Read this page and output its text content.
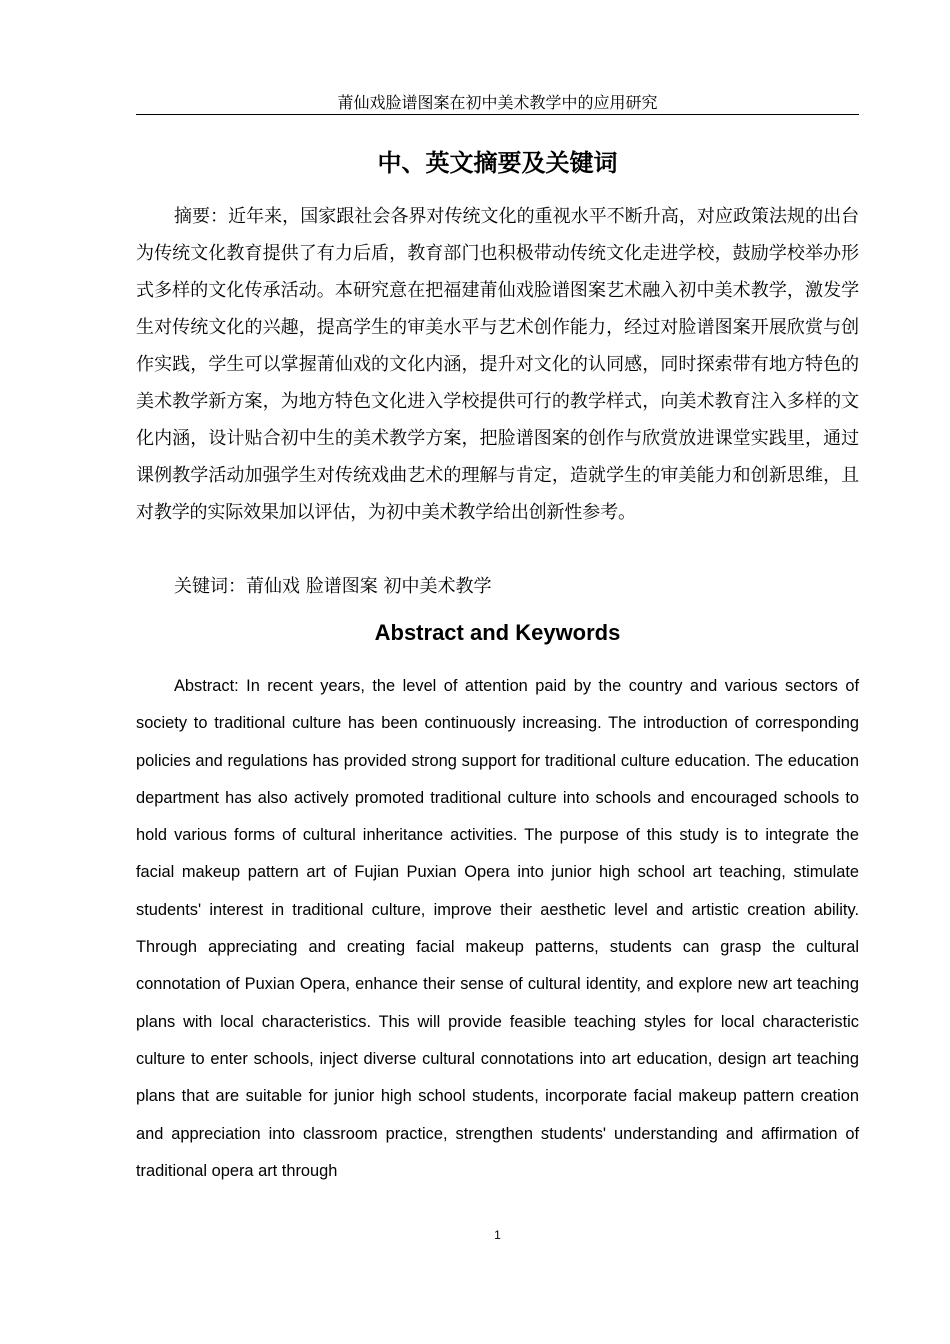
莆仙戏脸谱图案在初中美术教学中的应用研究
中、英文摘要及关键词

摘要：近年来，国家跟社会各界对传统文化的重视水平不断升高，对应政策法规的出台为传统文化教育提供了有力后盾，教育部门也积极带动传统文化走进学校，鼓励学校举办形式多样的文化传承活动。本研究意在把福建莆仙戏脸谱图案艺术融入初中美术教学，激发学生对传统文化的兴趣，提高学生的审美水平与艺术创作能力，经过对脸谱图案开展欣赏与创作实践，学生可以掌握莆仙戏的文化内涵，提升对文化的认同感，同时探索带有地方特色的美术教学新方案，为地方特色文化进入学校提供可行的教学样式，向美术教育注入多样的文化内涵，设计贴合初中生的美术教学方案，把脸谱图案的创作与欣赏放进课堂实践里，通过课例教学活动加强学生对传统戏曲艺术的理解与肯定，造就学生的审美能力和创新思维，且对教学的实际效果加以评估，为初中美术教学给出创新性参考。

关键词：莆仙戏 脸谱图案 初中美术教学

Abstract and Keywords

Abstract: In recent years, the level of attention paid by the country and various sectors of society to traditional culture has been continuously increasing. The introduction of corresponding policies and regulations has provided strong support for traditional culture education. The education department has also actively promoted traditional culture into schools and encouraged schools to hold various forms of cultural inheritance activities. The purpose of this study is to integrate the facial makeup pattern art of Fujian Puxian Opera into junior high school art teaching, stimulate students' interest in traditional culture, improve their aesthetic level and artistic creation ability. Through appreciating and creating facial makeup patterns, students can grasp the cultural connotation of Puxian Opera, enhance their sense of cultural identity, and explore new art teaching plans with local characteristics. This will provide feasible teaching styles for local characteristic culture to enter schools, inject diverse cultural connotations into art education, design art teaching plans that are suitable for junior high school students, incorporate facial makeup pattern creation and appreciation into classroom practice, strengthen students' understanding and affirmation of traditional opera art through

1
